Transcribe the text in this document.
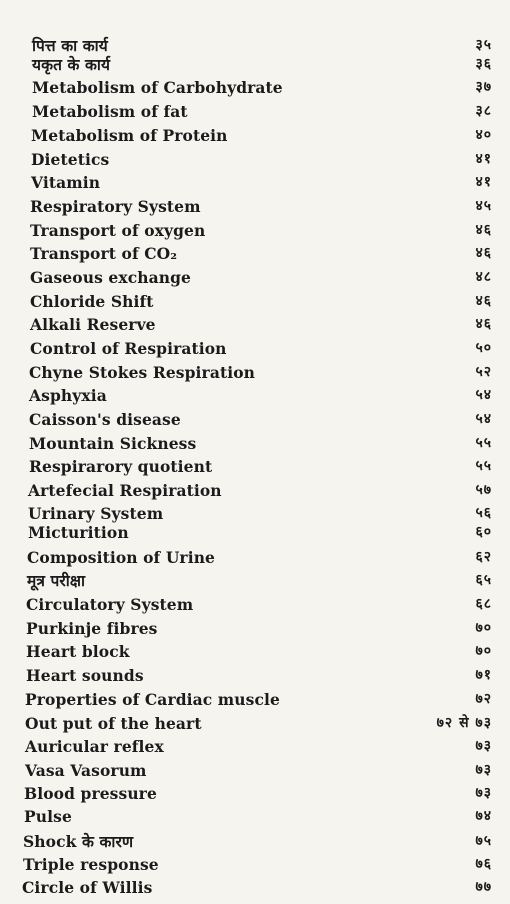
पित्त का कार्य	३५
यकृत के कार्य	३६
Metabolism of Carbohydrate	३७
Metabolism of fat	३८
Metabolism of Protein	४०
Dietetics	४१
Vitamin	४१
Respiratory System	४५
Transport of oxygen	४६
Transport of CO₂	४६
Gaseous exchange	४८
Chloride Shift	४६
Alkali Reserve	४६
Control of Respiration	५०
Chyne Stokes Respiration	५२
Asphyxia	५४
Caisson's disease	५४
Mountain Sickness	५५
Respirarory quotient	५५
Artefecial Respiration	५७
Urinary System	५६
Micturition	६०
Composition of Urine	६२
मूत्र परीक्षा	६५
Circulatory System	६८
Purkinje fibres	७०
Heart block	७०
Heart sounds	७१
Properties of Cardiac muscle	७२
Out put of the heart	७२ से ७३
Auricular reflex	७३
Vasa Vasorum	७३
Blood pressure	७३
Pulse	७४
Shock के कारण	७५
Triple response	७६
Circle of Willis	७७
